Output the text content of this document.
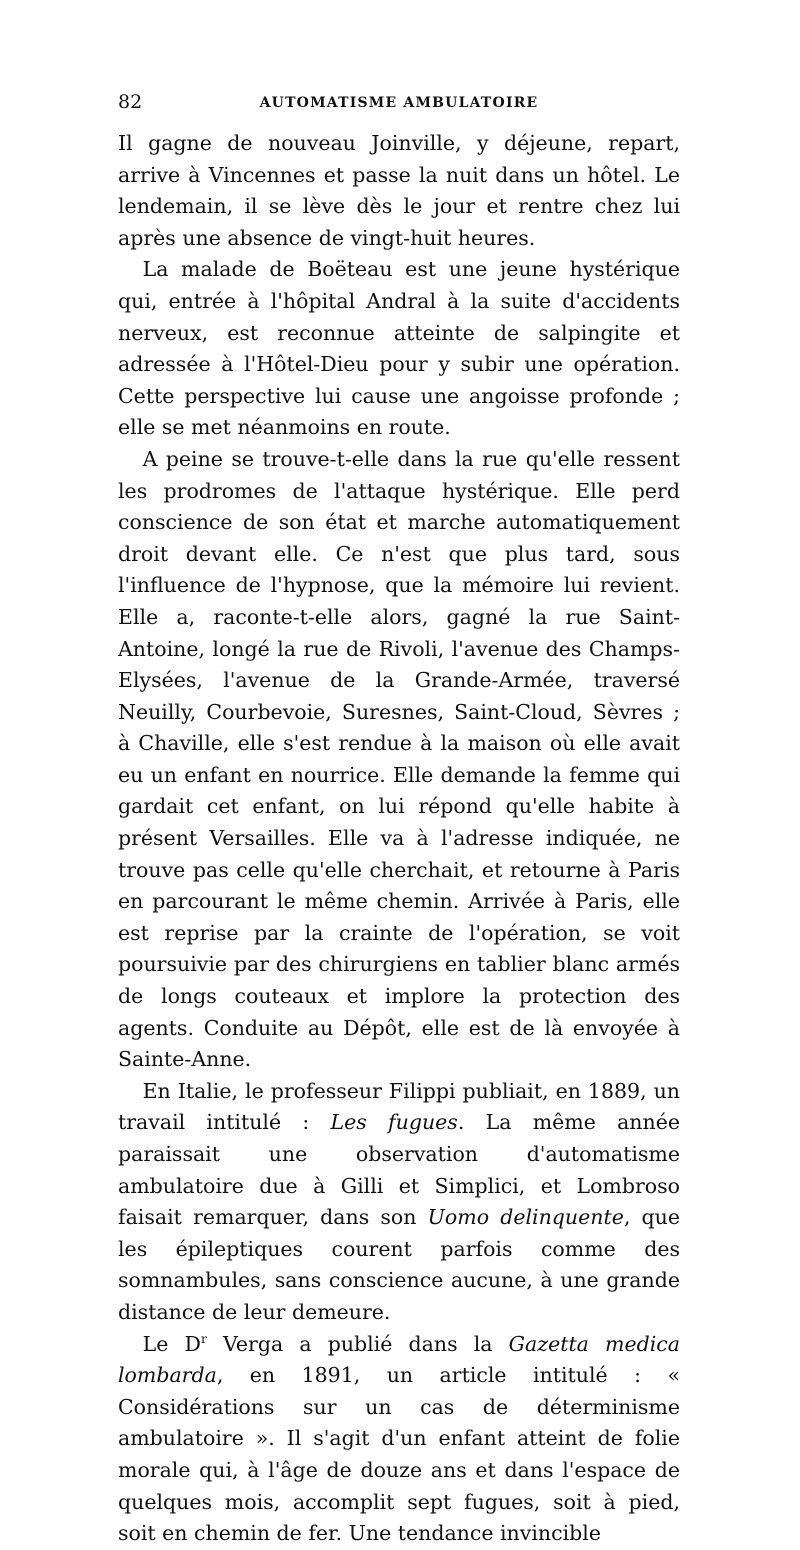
82	AUTOMATISME AMBULATOIRE

Il gagne de nouveau Joinville, y déjeune, repart, arrive à Vincennes et passe la nuit dans un hôtel. Le lendemain, il se lève dès le jour et rentre chez lui après une absence de vingt-huit heures.

La malade de Boëteau est une jeune hystérique qui, entrée à l'hôpital Andral à la suite d'accidents nerveux, est reconnue atteinte de salpingite et adressée à l'Hôtel-Dieu pour y subir une opération. Cette perspective lui cause une angoisse profonde ; elle se met néanmoins en route.

A peine se trouve-t-elle dans la rue qu'elle ressent les prodromes de l'attaque hystérique. Elle perd conscience de son état et marche automatiquement droit devant elle. Ce n'est que plus tard, sous l'influence de l'hypnose, que la mémoire lui revient. Elle a, raconte-t-elle alors, gagné la rue Saint-Antoine, longé la rue de Rivoli, l'avenue des Champs-Elysées, l'avenue de la Grande-Armée, traversé Neuilly, Courbevoie, Suresnes, Saint-Cloud, Sèvres ; à Chaville, elle s'est rendue à la maison où elle avait eu un enfant en nourrice. Elle demande la femme qui gardait cet enfant, on lui répond qu'elle habite à présent Versailles. Elle va à l'adresse indiquée, ne trouve pas celle qu'elle cherchait, et retourne à Paris en parcourant le même chemin. Arrivée à Paris, elle est reprise par la crainte de l'opération, se voit poursuivie par des chirurgiens en tablier blanc armés de longs couteaux et implore la protection des agents. Conduite au Dépôt, elle est de là envoyée à Sainte-Anne.

En Italie, le professeur Filippi publiait, en 1889, un travail intitulé : Les fugues. La même année paraissait une observation d'automatisme ambulatoire due à Gilli et Simplici, et Lombroso faisait remarquer, dans son Uomo delinquente, que les épileptiques courent parfois comme des somnambules, sans conscience aucune, à une grande distance de leur demeure.

Le $D^r$ Verga a publié dans la Gazetta medica lombarda, en 1891, un article intitulé : « Considérations sur un cas de déterminisme ambulatoire ». Il s'agit d'un enfant atteint de folie morale qui, à l'âge de douze ans et dans l'espace de quelques mois, accomplit sept fugues, soit à pied, soit en chemin de fer. Une tendance invincible
